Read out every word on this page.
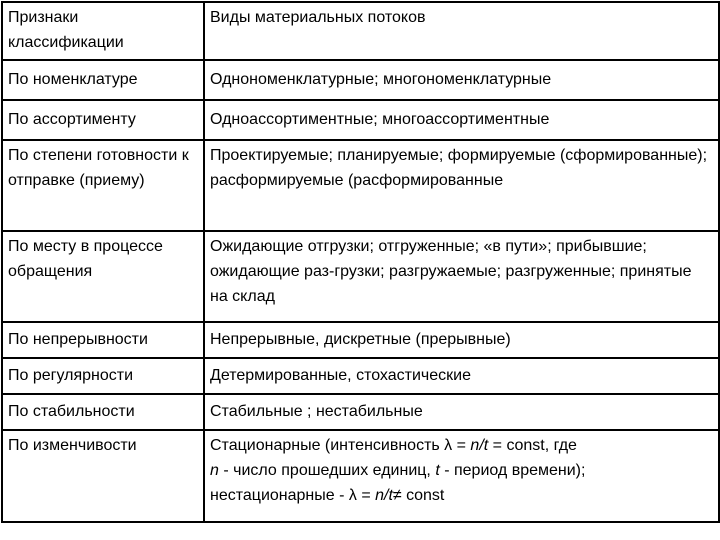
Признаки классификации	Виды материальных потоков
По номенклатуре	Однономенклатурные; многономенклатурные
По ассортименту	Одноассортиментные; многоассортиментные
По степени готовности к отправке (приему)	Проектируемые; планируемые; формируемые (сформированные); расформируемые (расформированные
По месту в процессе обращения	Ожидающие отгрузки; отгруженные; «в пути»; прибывшие; ожидающие раз-грузки; разгружаемые; разгруженные; принятые на склад
По непрерывности	Непрерывные, дискретные (прерывные)
По регулярности	Детермированные, стохастические
По стабильности	Стабильные ; нестабильные
По изменчивости	Стационарные (интенсивность λ = n/t = const, где
n - число прошедших единиц, t - период времени); нестационарные - λ = n/t≠ const
